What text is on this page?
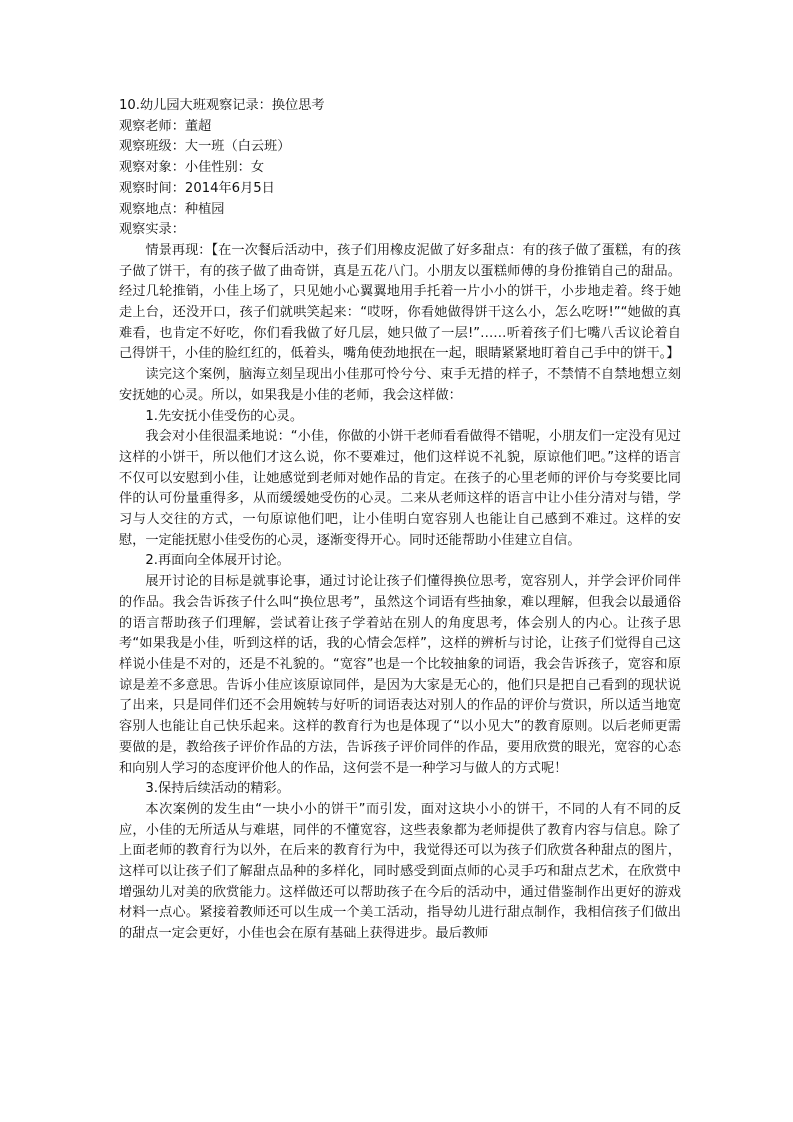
10.幼儿园大班观察记录：换位思考

观察老师：董超

观察班级：大一班（白云班）

观察对象：小佳性别：女

观察时间：2014年6月5日

观察地点：种植园

观察实录：

情景再现：【在一次餐后活动中，孩子们用橡皮泥做了好多甜点：有的孩子做了蛋糕，有的孩子做了饼干，有的孩子做了曲奇饼，真是五花八门。小朋友以蛋糕师傅的身份推销自己的甜品。经过几轮推销，小佳上场了，只见她小心翼翼地用手托着一片小小的饼干，小步地走着。终于她走上台，还没开口，孩子们就哄笑起来：“哎呀，你看她做得饼干这么小，怎么吃呀!”“她做的真难看，也肯定不好吃，你们看我做了好几层，她只做了一层!”……听着孩子们七嘴八舌议论着自己得饼干，小佳的脸红红的，低着头，嘴角使劲地抿在一起，眼睛紧紧地盯着自己手中的饼干。】

读完这个案例，脑海立刻呈现出小佳那可怜兮兮、束手无措的样子，不禁情不自禁地想立刻安抚她的心灵。所以，如果我是小佳的老师，我会这样做：

1.先安抚小佳受伤的心灵。

我会对小佳很温柔地说：“小佳，你做的小饼干老师看看做得不错呢，小朋友们一定没有见过这样的小饼干，所以他们才这么说，你不要难过，他们这样说不礼貌，原谅他们吧。”这样的语言不仅可以安慰到小佳，让她感觉到老师对她作品的肯定。在孩子的心里老师的评价与夸奖要比同伴的认可份量重得多，从而缓缓她受伤的心灵。二来从老师这样的语言中让小佳分清对与错，学习与人交往的方式，一句原谅他们吧，让小佳明白宽容别人也能让自己感到不难过。这样的安慰，一定能抚慰小佳受伤的心灵，逐渐变得开心。同时还能帮助小佳建立自信。

2.再面向全体展开讨论。

展开讨论的目标是就事论事，通过讨论让孩子们懂得换位思考，宽容别人，并学会评价同伴的作品。我会告诉孩子什么叫“换位思考”，虽然这个词语有些抽象，难以理解，但我会以最通俗的语言帮助孩子们理解，尝试着让孩子学着站在别人的角度思考，体会别人的内心。让孩子思考“如果我是小佳，听到这样的话，我的心情会怎样”，这样的辨析与讨论，让孩子们觉得自己这样说小佳是不对的，还是不礼貌的。“宽容”也是一个比较抽象的词语，我会告诉孩子，宽容和原谅是差不多意思。告诉小佳应该原谅同伴，是因为大家是无心的，他们只是把自己看到的现状说了出来，只是同伴们还不会用婉转与好听的词语表达对别人的作品的评价与赏识，所以适当地宽容别人也能让自己快乐起来。这样的教育行为也是体现了“以小见大”的教育原则。以后老师更需要做的是，教给孩子评价作品的方法，告诉孩子评价同伴的作品，要用欣赏的眼光，宽容的心态和向别人学习的态度评价他人的作品，这何尝不是一种学习与做人的方式呢！

3.保持后续活动的精彩。

本次案例的发生由“一块小小的饼干”而引发，面对这块小小的饼干，不同的人有不同的反应，小佳的无所适从与难堪，同伴的不懂宽容，这些表象都为老师提供了教育内容与信息。除了上面老师的教育行为以外，在后来的教育行为中，我觉得还可以为孩子们欣赏各种甜点的图片，这样可以让孩子们了解甜点品种的多样化，同时感受到面点师的心灵手巧和甜点艺术，在欣赏中增强幼儿对美的欣赏能力。这样做还可以帮助孩子在今后的活动中，通过借鉴制作出更好的游戏材料一点心。紧接着教师还可以生成一个美工活动，指导幼儿进行甜点制作，我相信孩子们做出的甜点一定会更好，小佳也会在原有基础上获得进步。最后教师
